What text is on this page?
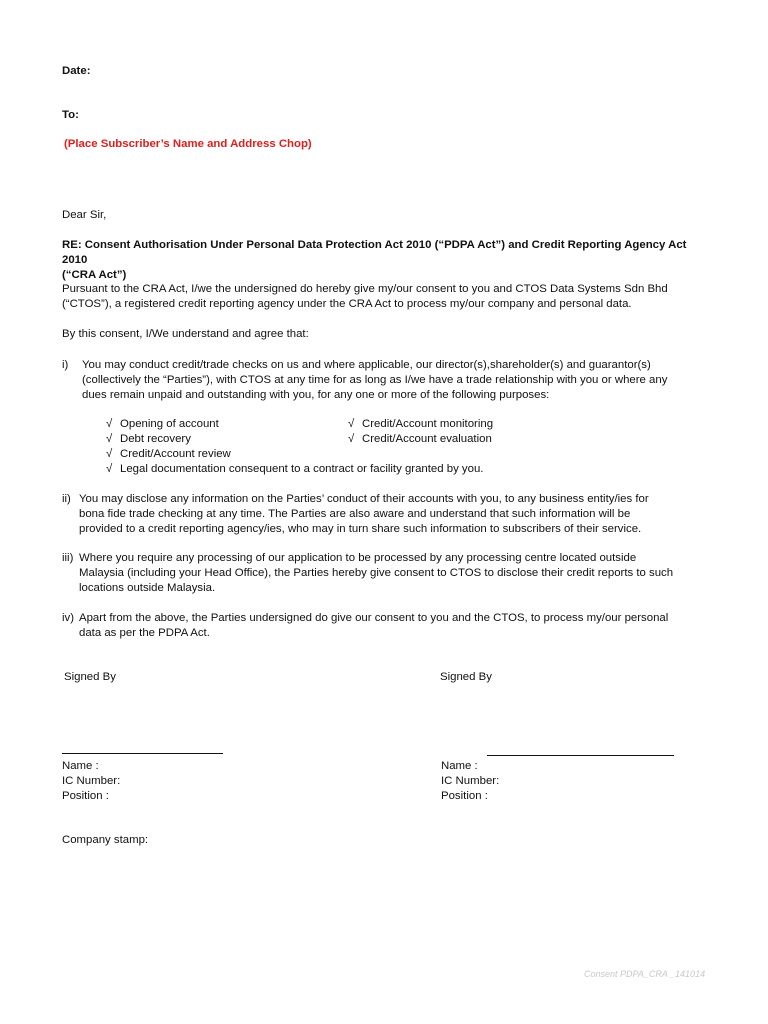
Date:

To:

(Place Subscriber’s Name and Address Chop)

Dear Sir,

RE: Consent Authorisation Under Personal Data Protection Act 2010 (“PDPA Act”) and Credit Reporting Agency Act 2010
(“CRA Act”)
Pursuant to the CRA Act, I/we the undersigned do hereby give my/our consent to you and CTOS Data Systems Sdn Bhd
(“CTOS”), a registered credit reporting agency under the CRA Act to process my/our company and personal data.

By this consent, I/We understand and agree that:

i) You may conduct credit/trade checks on us and where applicable, our director(s),shareholder(s) and guarantor(s)
(collectively the “Parties”), with CTOS at any time for as long as I/we have a trade relationship with you or where any
dues remain unpaid and outstanding with you, for any one or more of the following purposes:
√ Opening of account	√ Credit/Account monitoring
√ Debt recovery	√ Credit/Account evaluation
√ Credit/Account review
√ Legal documentation consequent to a contract or facility granted by you.
ii) You may disclose any information on the Parties’ conduct of their accounts with you, to any business entity/ies for
bona fide trade checking at any time. The Parties are also aware and understand that such information will be
provided to a credit reporting agency/ies, who may in turn share such information to subscribers of their service.
iii) Where you require any processing of our application to be processed by any processing centre located outside
Malaysia (including your Head Office), the Parties hereby give consent to CTOS to disclose their credit reports to such
locations outside Malaysia.
iv) Apart from the above, the Parties undersigned do give our consent to you and the CTOS, to process my/our personal
data as per the PDPA Act.

Signed By	Signed By

Name :
IC Number:
Position :
Name :
IC Number:
Position :

Company stamp:

Consent PDPA_CRA _141014
